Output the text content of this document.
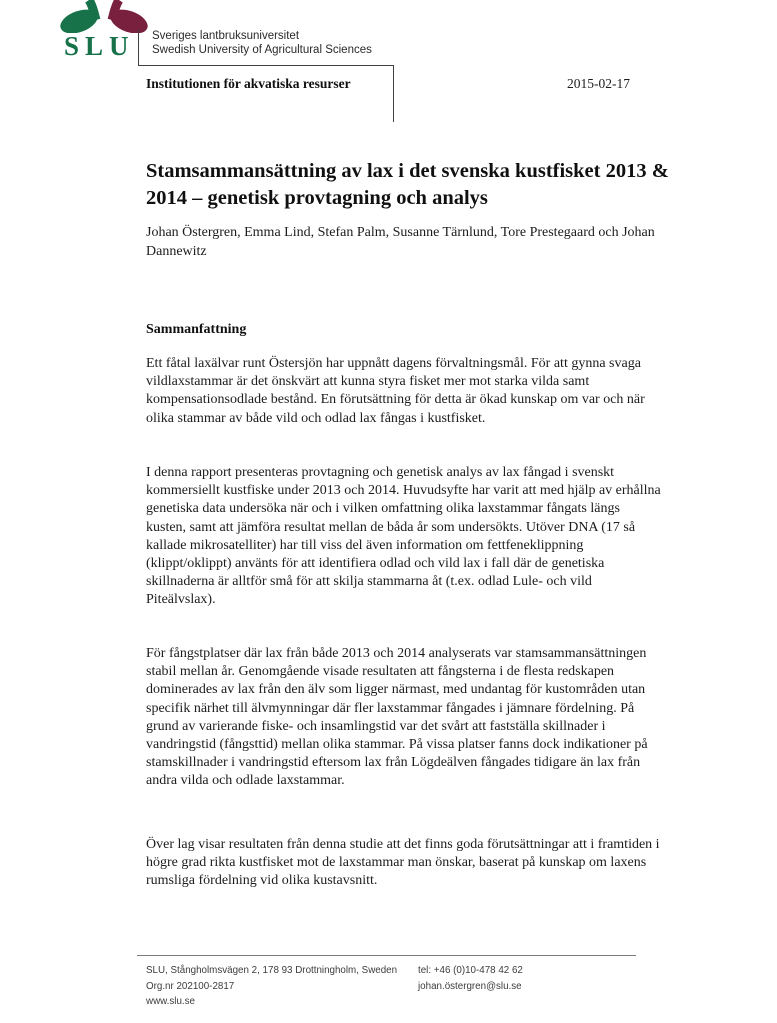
SLU Sveriges lantbruksuniversitet
Swedish University of Agricultural Sciences
Institutionen för akvatiska resurser	2015-02-17
Stamsammansättning av lax i det svenska kustfisket 2013 & 2014 – genetisk provtagning och analys
Johan Östergren, Emma Lind, Stefan Palm, Susanne Tärnlund, Tore Prestegaard och Johan Dannewitz
Sammanfattning

Ett fåtal laxälvar runt Östersjön har uppnått dagens förvaltningsmål. För att gynna svaga vildlaxstammar är det önskvärt att kunna styra fisket mer mot starka vilda samt kompensationsodlade bestånd. En förutsättning för detta är ökad kunskap om var och när olika stammar av både vild och odlad lax fångas i kustfisket.

I denna rapport presenteras provtagning och genetisk analys av lax fångad i svenskt kommersiellt kustfiske under 2013 och 2014. Huvudsyfte har varit att med hjälp av erhållna genetiska data undersöka när och i vilken omfattning olika laxstammar fångats längs kusten, samt att jämföra resultat mellan de båda år som undersökts. Utöver DNA (17 så kallade mikrosatelliter) har till viss del även information om fettfeneklippning (klippt/oklippt) använts för att identifiera odlad och vild lax i fall där de genetiska skillnaderna är alltför små för att skilja stammarna åt (t.ex. odlad Lule- och vild Piteälvslax).

För fångstplatser där lax från både 2013 och 2014 analyserats var stamsammansättningen stabil mellan år. Genomgående visade resultaten att fångsterna i de flesta redskapen dominerades av lax från den älv som ligger närmast, med undantag för kustområden utan specifik närhet till älvmynningar där fler laxstammar fångades i jämnare fördelning. På grund av varierande fiske- och insamlingstid var det svårt att fastställa skillnader i vandringstid (fångsttid) mellan olika stammar. På vissa platser fanns dock indikationer på stamskillnader i vandringstid eftersom lax från Lögdeälven fångades tidigare än lax från andra vilda och odlade laxstammar.

Över lag visar resultaten från denna studie att det finns goda förutsättningar att i framtiden i högre grad rikta kustfisket mot de laxstammar man önskar, baserat på kunskap om laxens rumsliga fördelning vid olika kustavsnitt.

SLU, Stångholmsvägen 2, 178 93 Drottningholm, Sweden
Org.nr 202100-2817
www.slu.se
tel: +46 (0)10-478 42 62
johan.östergren@slu.se
